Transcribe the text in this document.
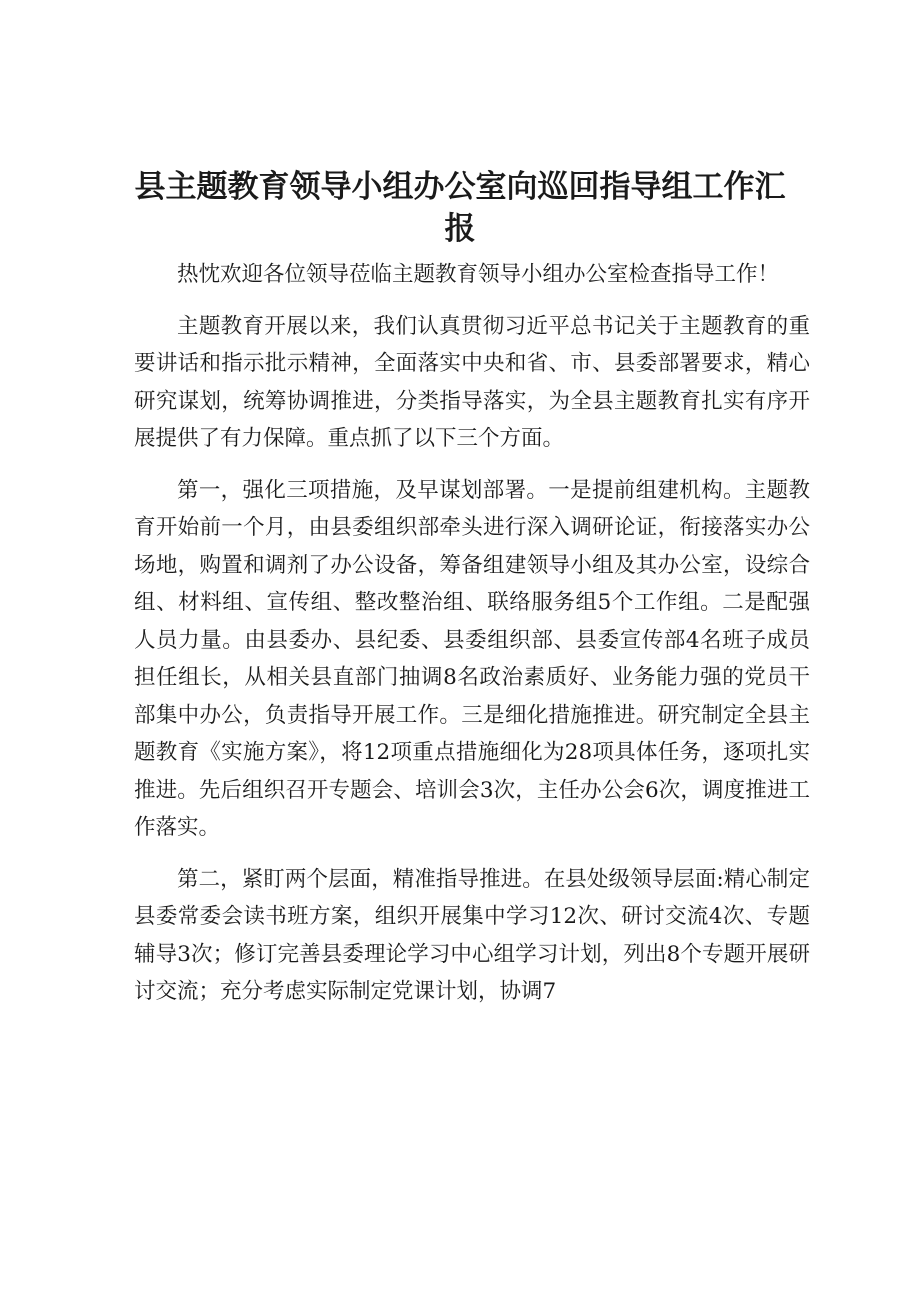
县主题教育领导小组办公室向巡回指导组工作汇报

热忱欢迎各位领导莅临主题教育领导小组办公室检查指导工作！

主题教育开展以来，我们认真贯彻习近平总书记关于主题教育的重要讲话和指示批示精神，全面落实中央和省、市、县委部署要求，精心研究谋划，统筹协调推进，分类指导落实，为全县主题教育扎实有序开展提供了有力保障。重点抓了以下三个方面。

第一，强化三项措施，及早谋划部署。一是提前组建机构。主题教育开始前一个月，由县委组织部牵头进行深入调研论证，衔接落实办公场地，购置和调剂了办公设备，筹备组建领导小组及其办公室，设综合组、材料组、宣传组、整改整治组、联络服务组5个工作组。二是配强人员力量。由县委办、县纪委、县委组织部、县委宣传部4名班子成员担任组长，从相关县直部门抽调8名政治素质好、业务能力强的党员干部集中办公，负责指导开展工作。三是细化措施推进。研究制定全县主题教育《实施方案》，将12项重点措施细化为28项具体任务，逐项扎实推进。先后组织召开专题会、培训会3次，主任办公会6次，调度推进工作落实。

第二，紧盯两个层面，精准指导推进。在县处级领导层面:精心制定县委常委会读书班方案，组织开展集中学习12次、研讨交流4次、专题辅导3次；修订完善县委理论学习中心组学习计划，列出8个专题开展研讨交流；充分考虑实际制定党课计划，协调7
